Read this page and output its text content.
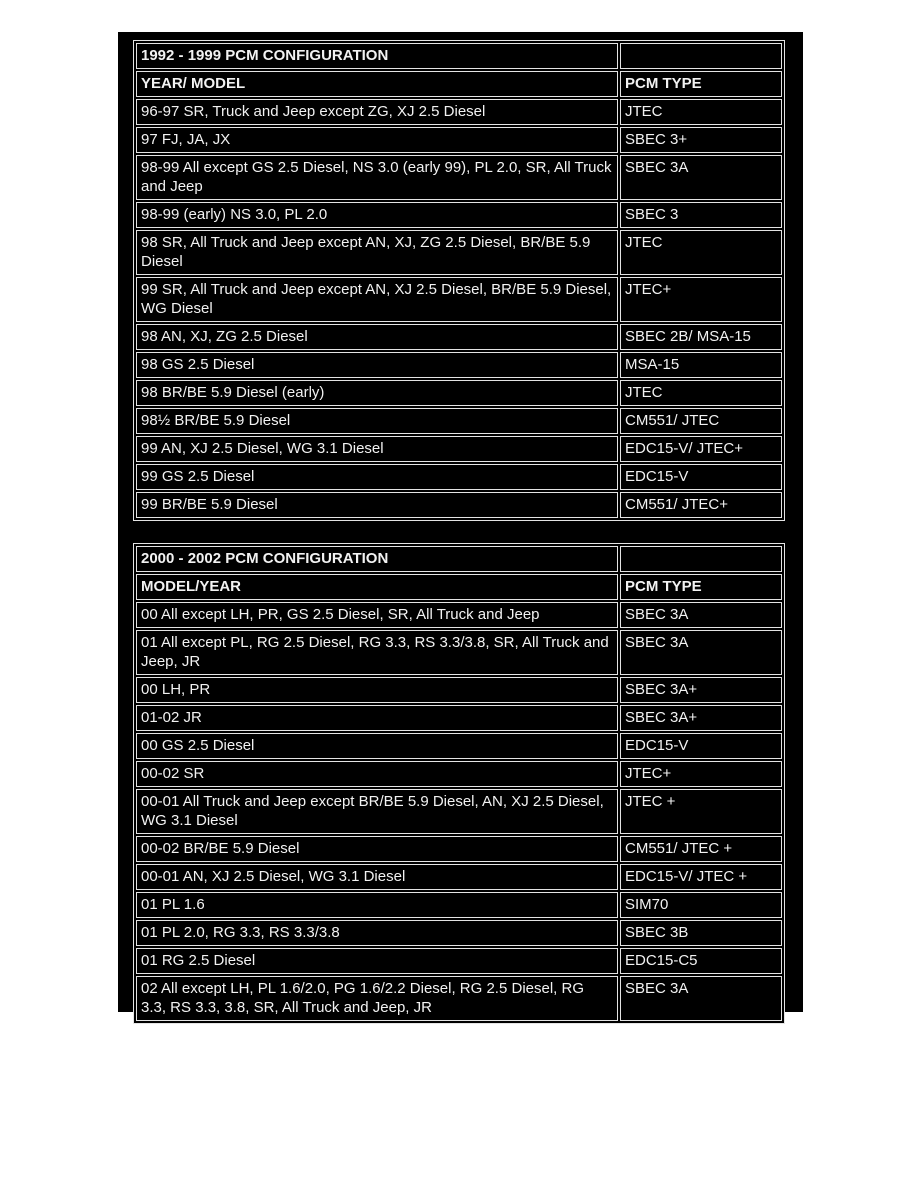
1992 - 1999 PCM CONFIGURATION	
YEAR/ MODEL	PCM TYPE
96-97 SR, Truck and Jeep except ZG, XJ 2.5 Diesel	JTEC
97 FJ, JA, JX	SBEC 3+
98-99 All except GS 2.5 Diesel, NS 3.0 (early 99), PL 2.0, SR, All Truck and Jeep	SBEC 3A
98-99 (early) NS 3.0, PL 2.0	SBEC 3
98 SR, All Truck and Jeep except AN, XJ, ZG 2.5 Diesel, BR/BE 5.9 Diesel	JTEC
99 SR, All Truck and Jeep except AN, XJ 2.5 Diesel, BR/BE 5.9 Diesel, WG Diesel	JTEC+
98 AN, XJ, ZG 2.5 Diesel	SBEC 2B/ MSA-15
98 GS 2.5 Diesel	MSA-15
98 BR/BE 5.9 Diesel (early)	JTEC
98½ BR/BE 5.9 Diesel	CM551/ JTEC
99 AN, XJ 2.5 Diesel, WG 3.1 Diesel	EDC15-V/ JTEC+
99 GS 2.5 Diesel	EDC15-V
99 BR/BE 5.9 Diesel	CM551/ JTEC+
2000 - 2002 PCM CONFIGURATION	
MODEL/YEAR	PCM TYPE
00 All except LH, PR, GS 2.5 Diesel, SR, All Truck and Jeep	SBEC 3A
01 All except PL, RG 2.5 Diesel, RG 3.3, RS 3.3/3.8, SR, All Truck and Jeep, JR	SBEC 3A
00 LH, PR	SBEC 3A+
01-02 JR	SBEC 3A+
00 GS 2.5 Diesel	EDC15-V
00-02 SR	JTEC+
00-01 All Truck and Jeep except BR/BE 5.9 Diesel, AN, XJ 2.5 Diesel, WG 3.1 Diesel	JTEC +
00-02 BR/BE 5.9 Diesel	CM551/ JTEC +
00-01 AN, XJ 2.5 Diesel, WG 3.1 Diesel	EDC15-V/ JTEC +
01 PL 1.6	SIM70
01 PL 2.0, RG 3.3, RS 3.3/3.8	SBEC 3B
01 RG 2.5 Diesel	EDC15-C5
02 All except LH, PL 1.6/2.0, PG 1.6/2.2 Diesel, RG 2.5 Diesel, RG 3.3, RS 3.3, 3.8, SR, All Truck and Jeep, JR	SBEC 3A
